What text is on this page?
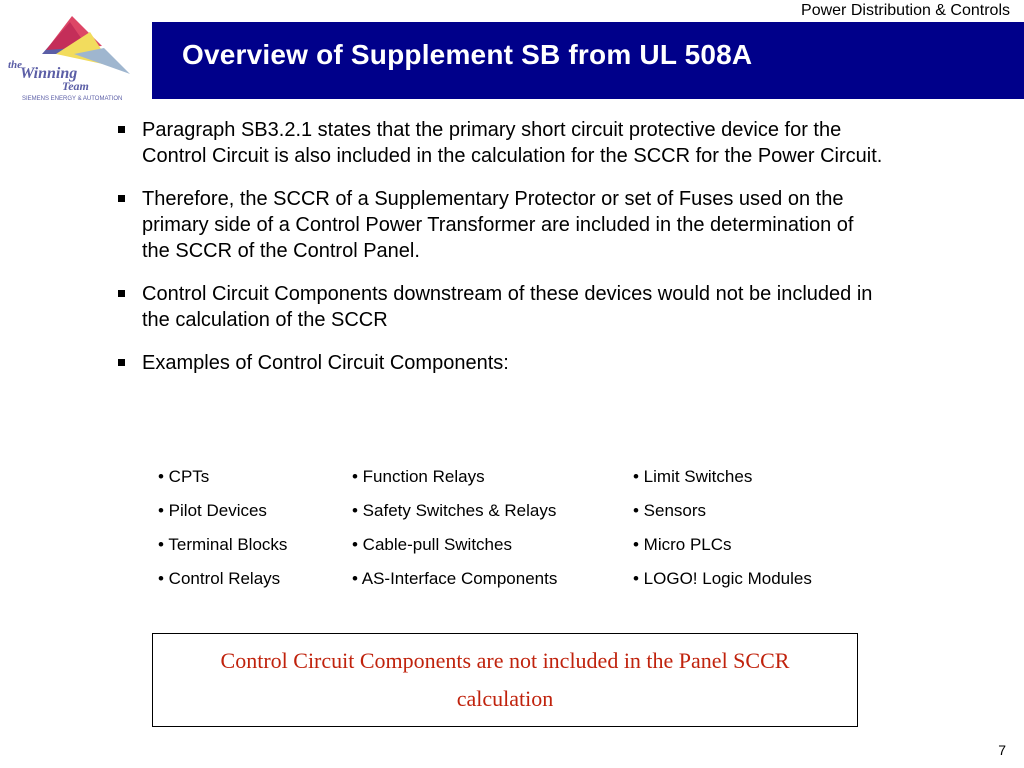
Power Distribution & Controls
the
Winning
Team
SIEMENS ENERGY & AUTOMATION
Overview of Supplement SB from UL 508A
Paragraph SB3.2.1 states that the primary short circuit protective device for the Control Circuit is also included in the calculation for the SCCR for the Power Circuit.
Therefore, the SCCR of a Supplementary Protector or set of Fuses used on the primary side of a Control Power Transformer are included in the determination of the SCCR of the Control Panel.
Control Circuit Components downstream of these devices would not be included in the calculation of the SCCR
Examples of Control Circuit Components:
• CPTs	• Function Relays	• Limit Switches
• Pilot Devices	• Safety Switches & Relays	• Sensors
• Terminal Blocks	• Cable-pull Switches	• Micro PLCs
• Control Relays	• AS-Interface Components	• LOGO! Logic Modules
Control Circuit Components are not included in the Panel SCCR
calculation
7
